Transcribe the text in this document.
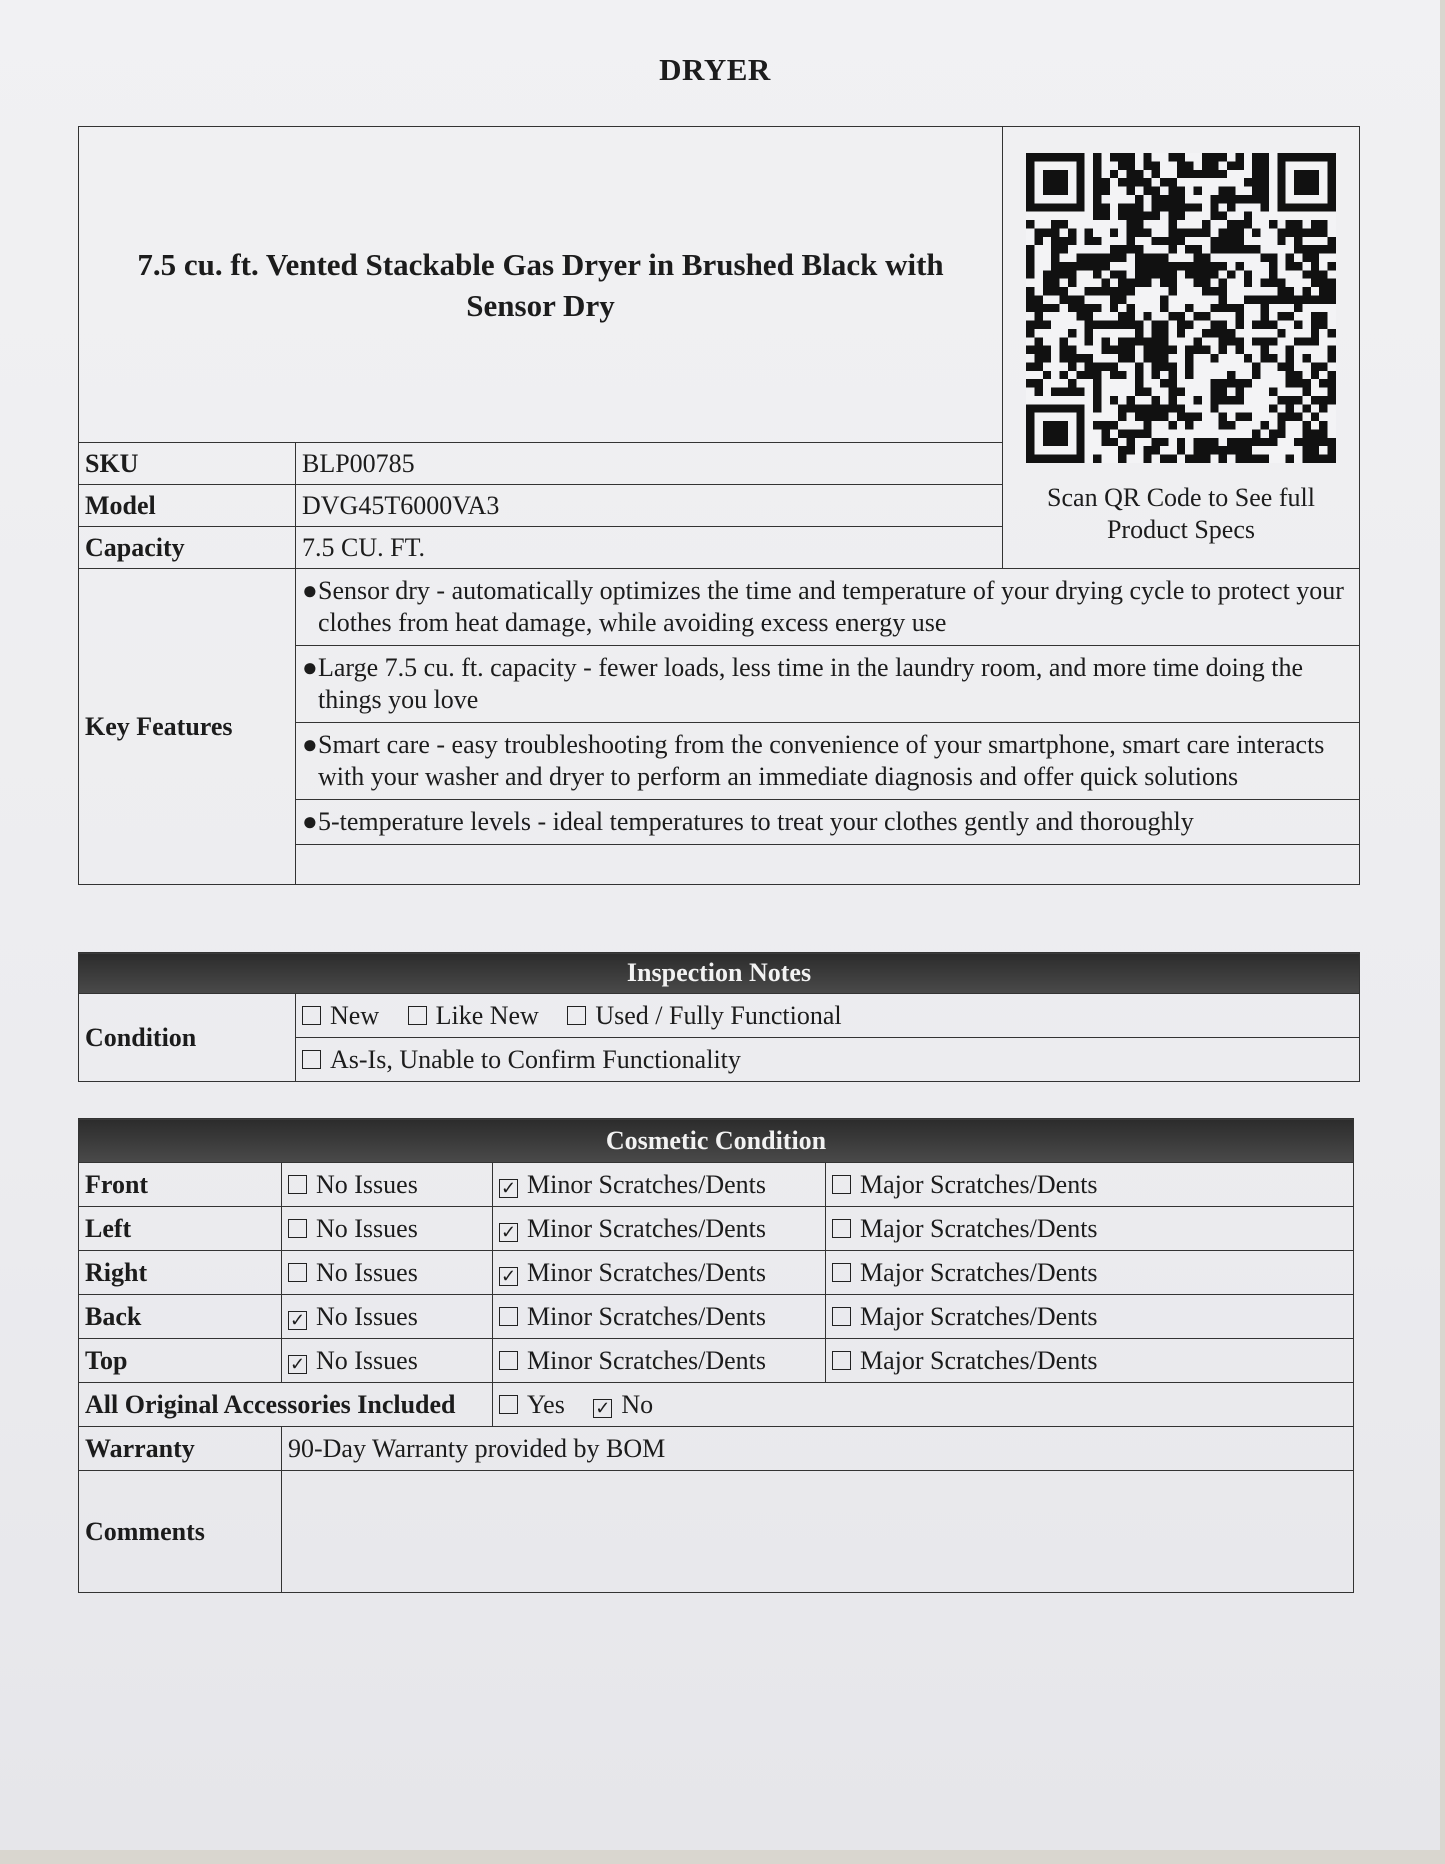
DRYER
7.5 cu. ft. Vented Stackable Gas Dryer in Brushed Black with Sensor Dry		Scan QR Code to See full Product Specs

SKU	BLP00785	
Model	DVG45T6000VA3	
Capacity	7.5 CU. FT.	
Key Features	● Sensor dry - automatically optimizes the time and temperature of your drying cycle to protect your clothes from heat damage, while avoiding excess energy use	

	● Large 7.5 cu. ft. capacity - fewer loads, less time in the laundry room, and more time doing the things you love	

	● Smart care - easy troubleshooting from the convenience of your smartphone, smart care interacts with your washer and dryer to perform an immediate diagnosis and offer quick solutions	

	● 5-temperature levels - ideal temperatures to treat your clothes gently and thoroughly	

Inspection Notes
Condition	New Like New Used / Fully Functional
As-Is, Unable to Confirm Functionality
Cosmetic Condition			
Front	No Issues	✓ Minor Scratches/Dents	Major Scratches/Dents
Left	No Issues	✓ Minor Scratches/Dents	Major Scratches/Dents
Right	No Issues	✓ Minor Scratches/Dents	Major Scratches/Dents
Back	✓ No Issues	Minor Scratches/Dents	Major Scratches/Dents
Top	✓ No Issues	Minor Scratches/Dents	Major Scratches/Dents
All Original Accessories Included		Yes ✓ No	
Warranty	90-Day Warranty provided by BOM		
Comments			
